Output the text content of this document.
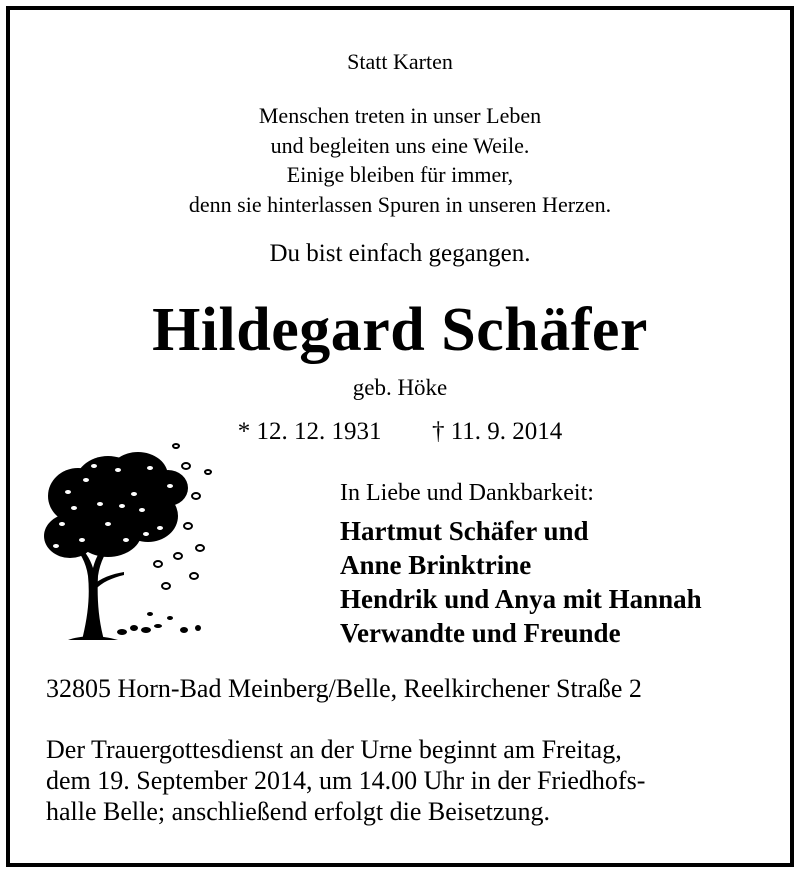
Statt Karten
Menschen treten in unser Leben
und begleiten uns eine Weile.
Einige bleiben für immer,
denn sie hinterlassen Spuren in unseren Herzen.
Du bist einfach gegangen.
Hildegard Schäfer
geb. Höke
* 12. 12. 1931 † 11. 9. 2014
In Liebe und Dankbarkeit:
Hartmut Schäfer und
Anne Brinktrine
Hendrik und Anya mit Hannah
Verwandte und Freunde
32805 Horn-Bad Meinberg/Belle, Reelkirchener Straße 2
Der Trauergottesdienst an der Urne beginnt am Freitag,
dem 19. September 2014, um 14.00 Uhr in der Friedhofs-
halle Belle; anschließend erfolgt die Beisetzung.
